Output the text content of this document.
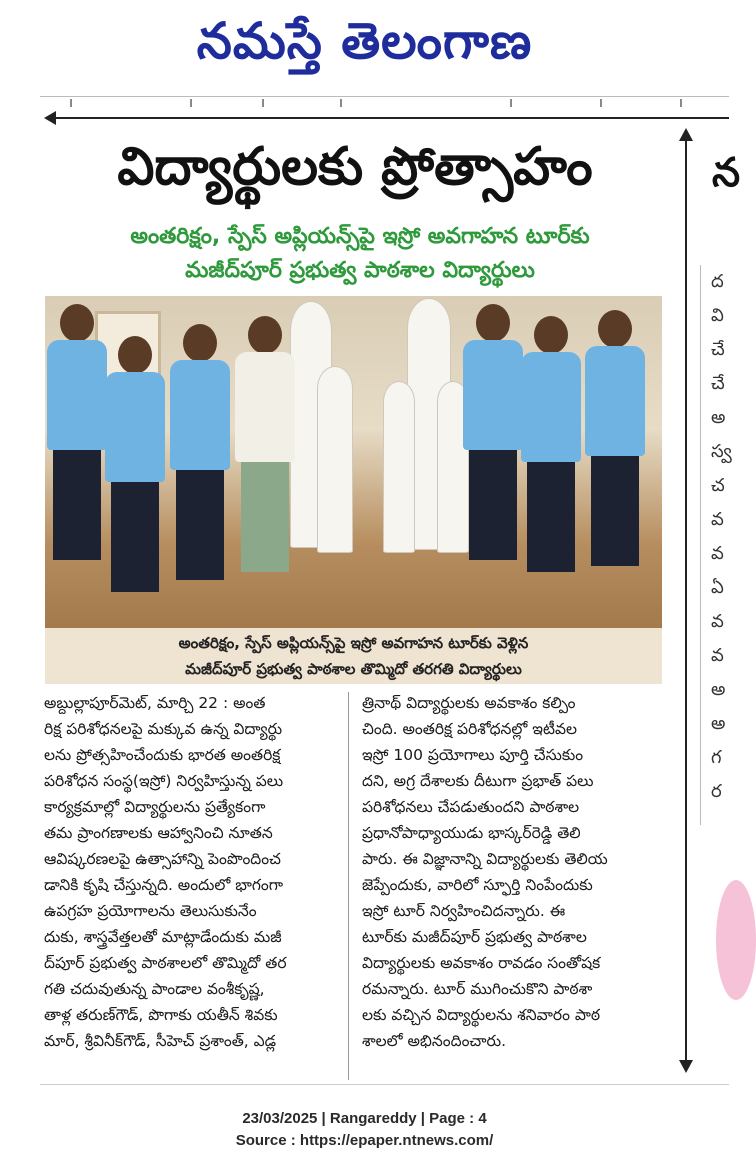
నమస్తే తెలంగాణ
విద్యార్థులకు ప్రోత్సాహం
అంతరిక్షం, స్పేస్ అప్లియన్స్‌పై ఇస్రో అవగాహన టూర్‌కు
మజీద్‌పూర్ ప్రభుత్వ పాఠశాల విద్యార్థులు
అంతరిక్షం, స్పేస్ అప్లియన్స్‌పై ఇస్రో అవగాహన టూర్‌కు వెళ్లిన
మజీద్‌పూర్ ప్రభుత్వ పాఠశాల తొమ్మిదో తరగతి విద్యార్థులు
అబ్దుల్లాపూర్‌మెట్, మార్చి 22 : అంత
రిక్ష పరిశోధనలపై మక్కువ ఉన్న విద్యార్థు
లను ప్రోత్సహించేందుకు భారత అంతరిక్ష
పరిశోధన సంస్థ(ఇస్రో) నిర్వహిస్తున్న పలు
కార్యక్రమాల్లో విద్యార్థులను ప్రత్యేకంగా
తమ ప్రాంగణాలకు ఆహ్వానించి నూతన
ఆవిష్కరణలపై ఉత్సాహాన్ని పెంపొందించ
డానికి కృషి చేస్తున్నది. అందులో భాగంగా
ఉపగ్రహ ప్రయోగాలను తెలుసుకునేం
దుకు, శాస్త్రవేత్తలతో మాట్లాడేందుకు మజీ
ద్‌పూర్ ప్రభుత్వ పాఠశాలలో తొమ్మిదో తర
గతి చదువుతున్న పాండాల వంశీకృష్ణ,
తాళ్ల తరుణ్‌గౌడ్, పొగాకు యతీన్ శివకు
మార్, శ్రీవినీక్‌గౌడ్, సీహెచ్ ప్రశాంత్, ఎడ్ల
త్రినాథ్ విద్యార్థులకు అవకాశం కల్పిం
చింది. అంతరిక్ష పరిశోధనల్లో ఇటీవల
ఇస్రో 100 ప్రయోగాలు పూర్తి చేసుకుం
దని, అగ్ర దేశాలకు దీటుగా ప్రభాత్ పలు
పరిశోధనలు చేపడుతుందని పాఠశాల
ప్రధానోపాధ్యాయుడు భాస్కర్‌రెడ్డి తెలి
పారు. ఈ విజ్ఞానాన్ని విద్యార్థులకు తెలియ
జెప్పేందుకు, వారిలో స్ఫూర్తి నింపేందుకు
ఇస్రో టూర్ నిర్వహించిదన్నారు. ఈ
టూర్‌కు మజీద్‌పూర్ ప్రభుత్వ పాఠశాల
విద్యార్థులకు అవకాశం రావడం సంతోషక
రమన్నారు. టూర్ ముగించుకొని పాఠశా
లకు వచ్చిన విద్యార్థులను శనివారం పాఠ
శాలలో అభినందించారు.
న
ద
వి
చే
చే
అ
స్వ
చ
వ
వ
ఏ
వ
వ
అ
అ
గ
ర
23/03/2025 | Rangareddy | Page : 4
Source : https://epaper.ntnews.com/
